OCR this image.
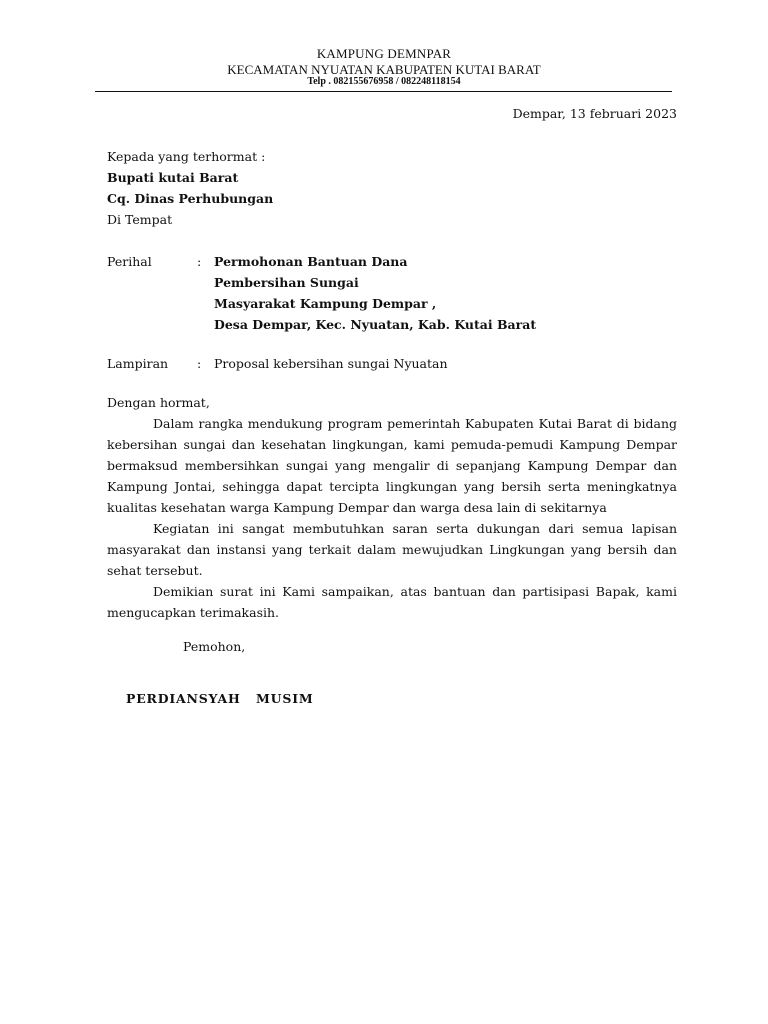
KAMPUNG DEMNPAR
KECAMATAN NYUATAN KABUPATEN KUTAI BARAT
Telp . 082155676958 / 082248118154
Dempar, 13 februari 2023
Kepada yang terhormat :
Bupati kutai Barat
Cq. Dinas Perhubungan
Di Tempat
Perihal	: Permohonan Bantuan Dana
Pembersihan Sungai
Masyarakat Kampung Dempar ,
Desa Dempar, Kec. Nyuatan, Kab. Kutai Barat
Lampiran : Proposal kebersihan sungai Nyuatan
Dengan hormat,

Dalam rangka mendukung program pemerintah Kabupaten Kutai Barat di bidang kebersihan sungai dan kesehatan lingkungan, kami pemuda-pemudi Kampung Dempar bermaksud membersihkan sungai yang mengalir di sepanjang Kampung Dempar dan Kampung Jontai, sehingga dapat tercipta lingkungan yang bersih serta meningkatnya kualitas kesehatan warga Kampung Dempar dan warga desa lain di sekitarnya

Kegiatan ini sangat membutuhkan saran serta dukungan dari semua lapisan masyarakat dan instansi yang terkait dalam mewujudkan Lingkungan yang bersih dan sehat tersebut.

Demikian surat ini Kami sampaikan, atas bantuan dan partisipasi Bapak, kami mengucapkan terimakasih.

Pemohon,
PERDIANSYAH   MUSIM
